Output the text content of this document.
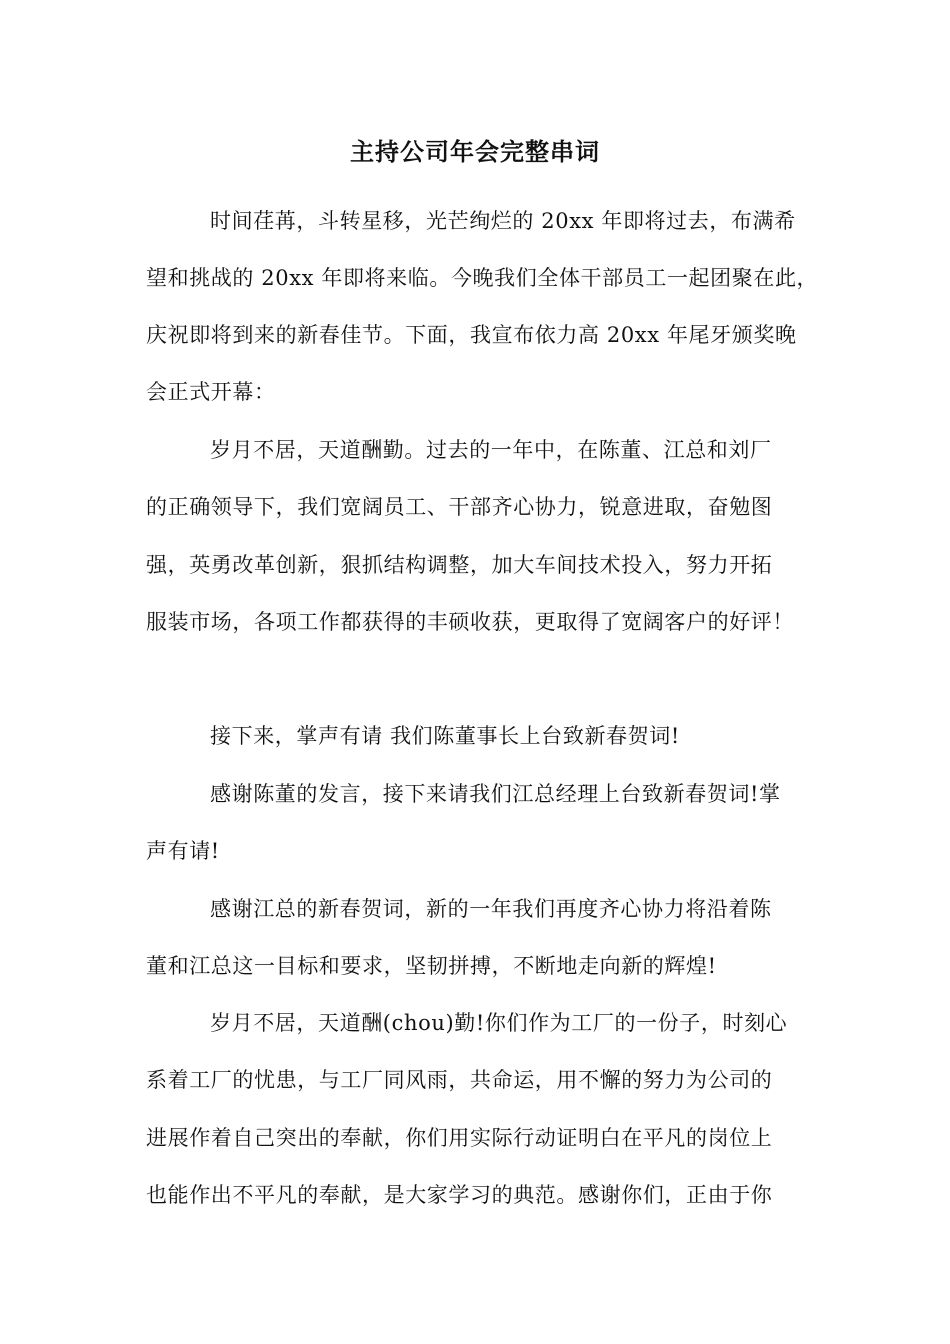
主持公司年会完整串词
时间荏苒，斗转星移，光芒绚烂的 20xx 年即将过去，布满希
望和挑战的 20xx 年即将来临。今晚我们全体干部员工一起团聚在此，
庆祝即将到来的新春佳节。下面，我宣布依力高 20xx 年尾牙颁奖晚
会正式开幕：
岁月不居，天道酬勤。过去的一年中，在陈董、江总和刘厂
的正确领导下，我们宽阔员工、干部齐心协力，锐意进取，奋勉图
强，英勇改革创新，狠抓结构调整，加大车间技术投入，努力开拓
服装市场，各项工作都获得的丰硕收获，更取得了宽阔客户的好评！
接下来，掌声有请 我们陈董事长上台致新春贺词!
感谢陈董的发言，接下来请我们江总经理上台致新春贺词!掌
声有请!
感谢江总的新春贺词，新的一年我们再度齐心协力将沿着陈
董和江总这一目标和要求，坚韧拼搏，不断地走向新的辉煌!
岁月不居，天道酬(chou)勤!你们作为工厂的一份子，时刻心
系着工厂的忧患，与工厂同风雨，共命运，用不懈的努力为公司的
进展作着自己突出的奉献，你们用实际行动证明白在平凡的岗位上
也能作出不平凡的奉献，是大家学习的典范。感谢你们，正由于你
